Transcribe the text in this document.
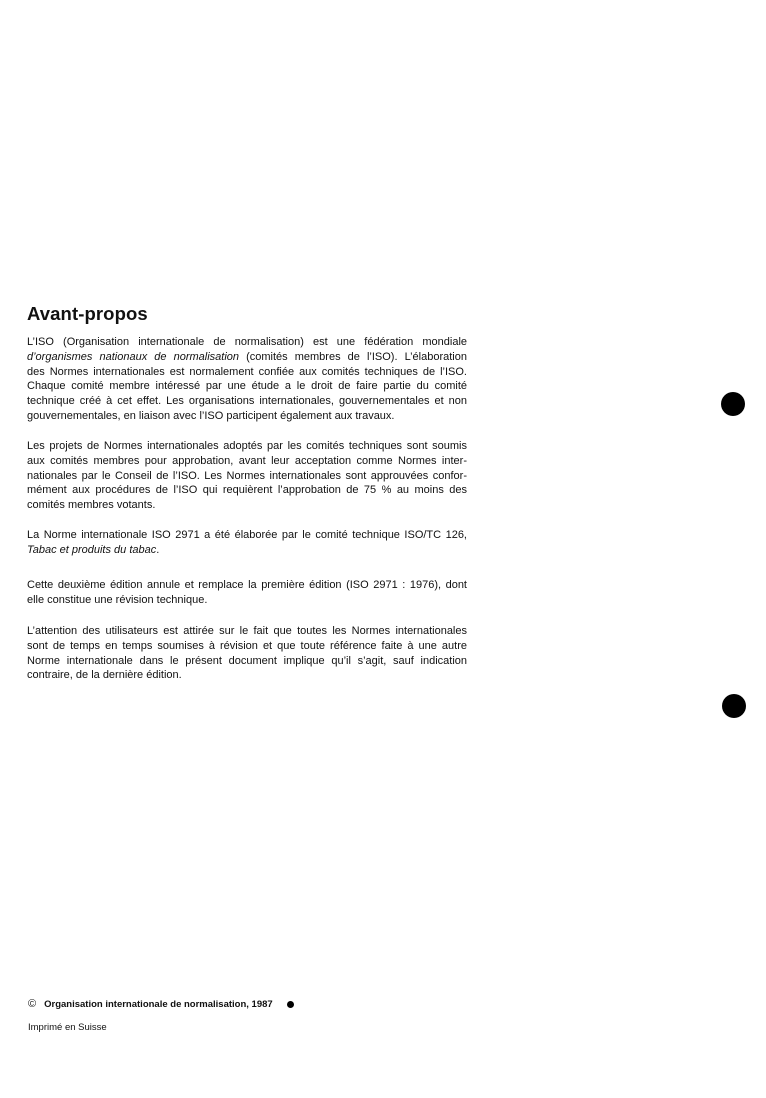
Avant-propos
L’ISO (Organisation internationale de normalisation) est une fédération mondiale
d’organismes nationaux de normalisation (comités membres de l’ISO). L’élaboration
des Normes internationales est normalement confiée aux comités techniques de l’ISO.
Chaque comité membre intéressé par une étude a le droit de faire partie du comité
technique créé à cet effet. Les organisations internationales, gouvernementales et non
gouvernementales, en liaison avec l’ISO participent également aux travaux.
Les projets de Normes internationales adoptés par les comités techniques sont soumis
aux comités membres pour approbation, avant leur acceptation comme Normes inter-
nationales par le Conseil de l’ISO. Les Normes internationales sont approuvées confor-
mément aux procédures de l’ISO qui requièrent l’approbation de 75 % au moins des
comités membres votants.
La Norme internationale ISO 2971 a été élaborée par le comité technique ISO/TC 126,
Tabac et produits du tabac.
Cette deuxième édition annule et remplace la première édition (ISO 2971 : 1976), dont
elle constitue une révision technique.
L’attention des utilisateurs est attirée sur le fait que toutes les Normes internationales
sont de temps en temps soumises à révision et que toute référence faite à une autre
Norme internationale dans le présent document implique qu’il s’agit, sauf indication
contraire, de la dernière édition.
© Organisation internationale de normalisation, 1987
Imprimé en Suisse
